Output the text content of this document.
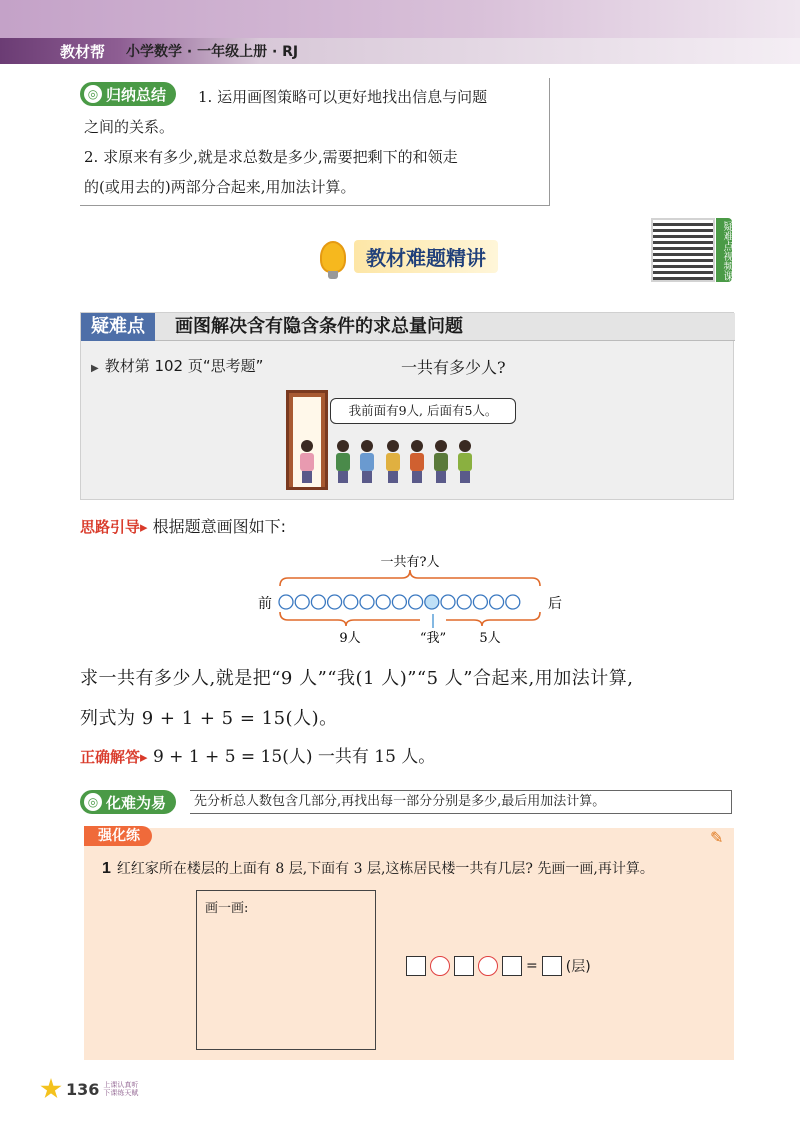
教材帮 小学数学 · 一年级上册 · RJ
◎ 归纳总结 1. 运用画图策略可以更好地找出信息与问题

之间的关系。

2. 求原来有多少,就是求总数是多少,需要把剩下的和领走

的(或用去的)两部分合起来,用加法计算。

教材难题精讲	疑难点视频课
疑难点	画图解决含有隐含条件的求总量问题
▶ 教材第 102 页“思考题”	一共有多少人?
我前面有9人, 后面有5人。
思路引导▸ 根据题意画图如下:
一共有?人
前	后
9人	“我”	5人
求一共有多少人,就是把“9 人”“我(1 人)”“5 人”合起来,用加法计算,
列式为 9 + 1 + 5 = 15(人)。
正确解答▸ 9 + 1 + 5 = 15(人) 一共有 15 人。
◎ 化难为易	先分析总人数包含几部分,再找出每一部分分别是多少,最后用加法计算。
强化练	✎
1 红红家所在楼层的上面有 8 层,下面有 3 层,这栋居民楼一共有几层? 先画一画,再计算。
画一画:
= (层)
136 上课认真听
下课练天赋
